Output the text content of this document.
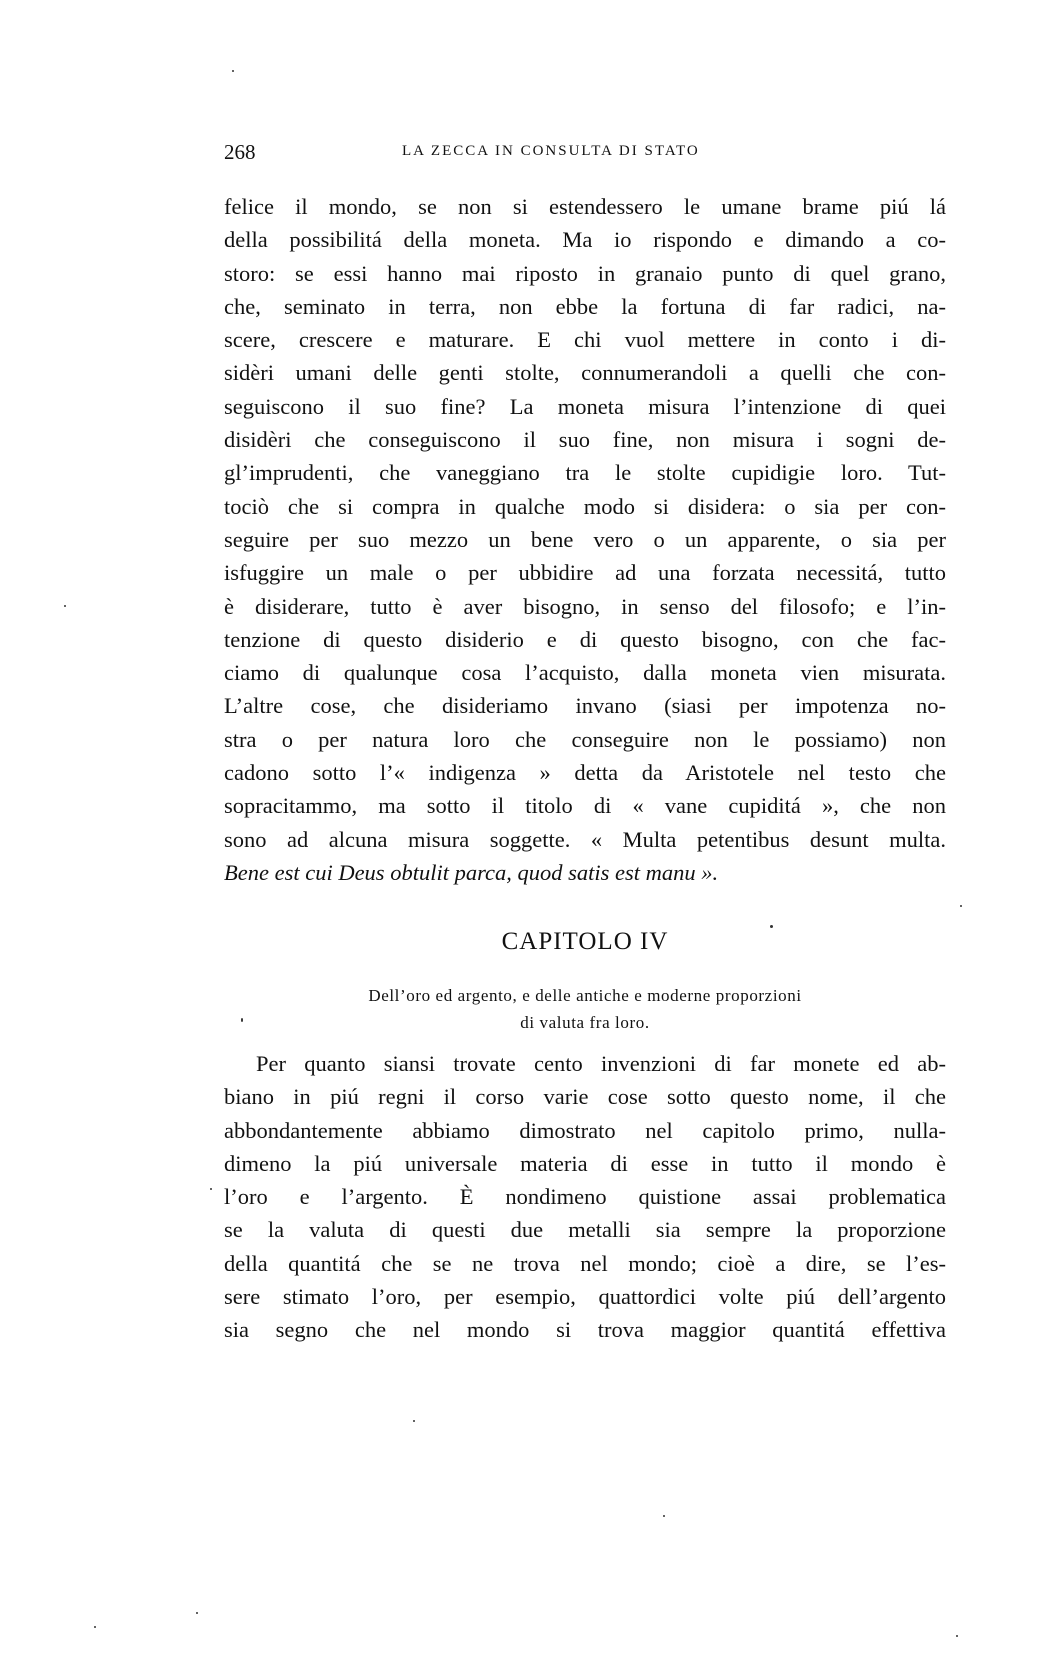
268	LA ZECCA IN CONSULTA DI STATO
felice il mondo, se non si estendessero le umane brame piú lá
della possibilitá della moneta. Ma io rispondo e dimando a co-
storo: se essi hanno mai riposto in granaio punto di quel grano,
che, seminato in terra, non ebbe la fortuna di far radici, na-
scere, crescere e maturare. E chi vuol mettere in conto i di-
sidèri umani delle genti stolte, connumerandoli a quelli che con-
seguiscono il suo fine? La moneta misura l’intenzione di quei
disidèri che conseguiscono il suo fine, non misura i sogni de-
gl’imprudenti, che vaneggiano tra le stolte cupidigie loro. Tut-
tociò che si compra in qualche modo si disidera: o sia per con-
seguire per suo mezzo un bene vero o un apparente, o sia per
isfuggire un male o per ubbidire ad una forzata necessitá, tutto
è disiderare, tutto è aver bisogno, in senso del filosofo; e l’in-
tenzione di questo disiderio e di questo bisogno, con che fac-
ciamo di qualunque cosa l’acquisto, dalla moneta vien misurata.
L’altre cose, che disideriamo invano (siasi per impotenza no-
stra o per natura loro che conseguire non le possiamo) non
cadono sotto l’« indigenza » detta da Aristotele nel testo che
sopracitammo, ma sotto il titolo di « vane cupiditá », che non
sono ad alcuna misura soggette. « Multa petentibus desunt multa.
Bene est cui Deus obtulit parca, quod satis est manu ».
CAPITOLO IV
Dell’oro ed argento, e delle antiche e moderne proporzioni
di valuta fra loro.
Per quanto siansi trovate cento invenzioni di far monete ed ab-
biano in piú regni il corso varie cose sotto questo nome, il che
abbondantemente abbiamo dimostrato nel capitolo primo, nulla-
dimeno la piú universale materia di esse in tutto il mondo è
l’oro e l’argento. È nondimeno quistione assai problematica
se la valuta di questi due metalli sia sempre la proporzione
della quantitá che se ne trova nel mondo; cioè a dire, se l’es-
sere stimato l’oro, per esempio, quattordici volte piú dell’argento
sia segno che nel mondo si trova maggior quantitá effettiva
